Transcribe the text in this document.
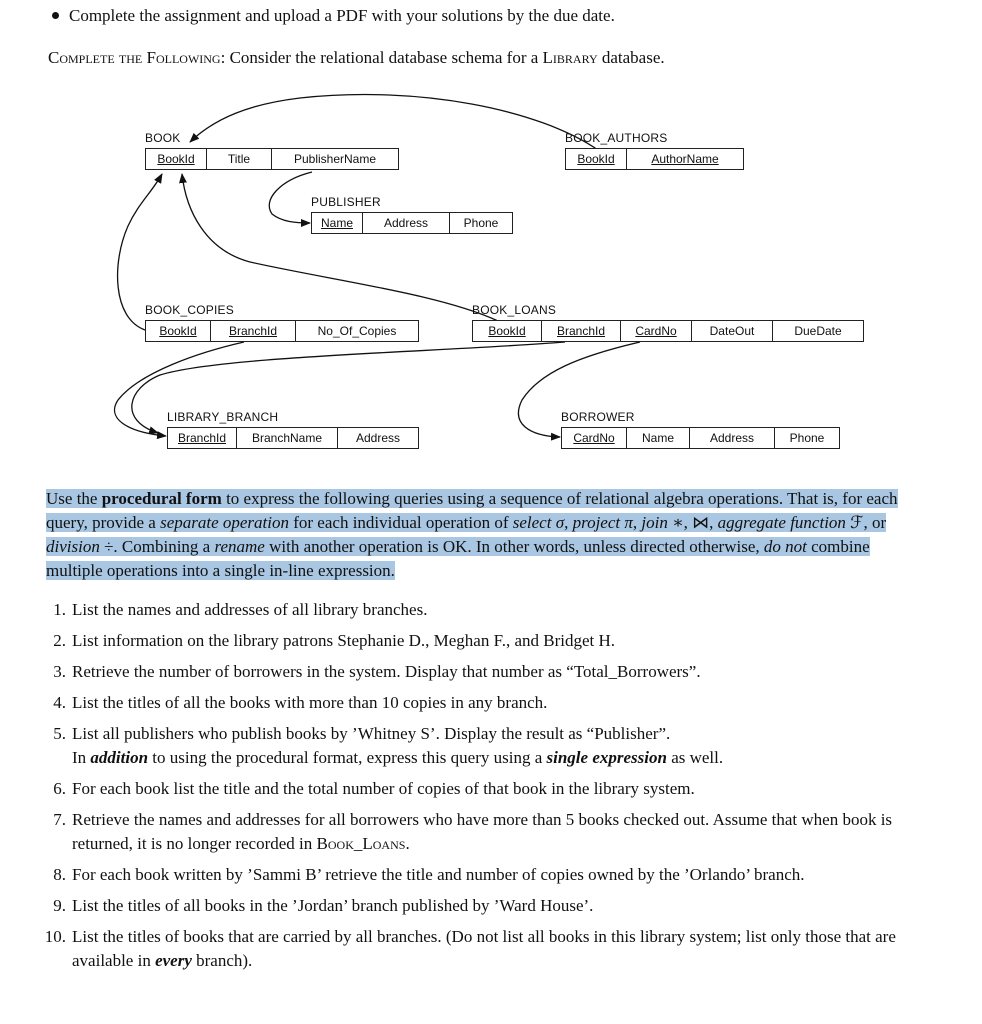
Complete the assignment and upload a PDF with your solutions by the due date.
Complete the Following: Consider the relational database schema for a Library database.
BOOK
BookId	Title	PublisherName
BOOK_AUTHORS
BookId	AuthorName
PUBLISHER
Name	Address	Phone
BOOK_COPIES
BookId	BranchId	No_Of_Copies
BOOK_LOANS
BookId	BranchId	CardNo	DateOut	DueDate
LIBRARY_BRANCH
BranchId	BranchName	Address
BORROWER
CardNo	Name	Address	Phone
Use the procedural form to express the following queries using a sequence of relational algebra operations. That is, for each query, provide a separate operation for each individual operation of select σ, project π, join ∗, ⋈, aggregate function ℱ, or division ÷. Combining a rename with another operation is OK. In other words, unless directed otherwise, do not combine multiple operations into a single in-line expression.
1. List the names and addresses of all library branches.
2. List information on the library patrons Stephanie D., Meghan F., and Bridget H.
3. Retrieve the number of borrowers in the system. Display that number as “Total_Borrowers”.
4. List the titles of all the books with more than 10 copies in any branch.
5. List all publishers who publish books by ’Whitney S’. Display the result as “Publisher”.
In addition to using the procedural format, express this query using a single expression as well.
6. For each book list the title and the total number of copies of that book in the library system.
7. Retrieve the names and addresses for all borrowers who have more than 5 books checked out. Assume that when book is returned, it is no longer recorded in Book_Loans.
8. For each book written by ’Sammi B’ retrieve the title and number of copies owned by the ’Orlando’ branch.
9. List the titles of all books in the ’Jordan’ branch published by ’Ward House’.
10. List the titles of books that are carried by all branches. (Do not list all books in this library system; list only those that are available in every branch).
